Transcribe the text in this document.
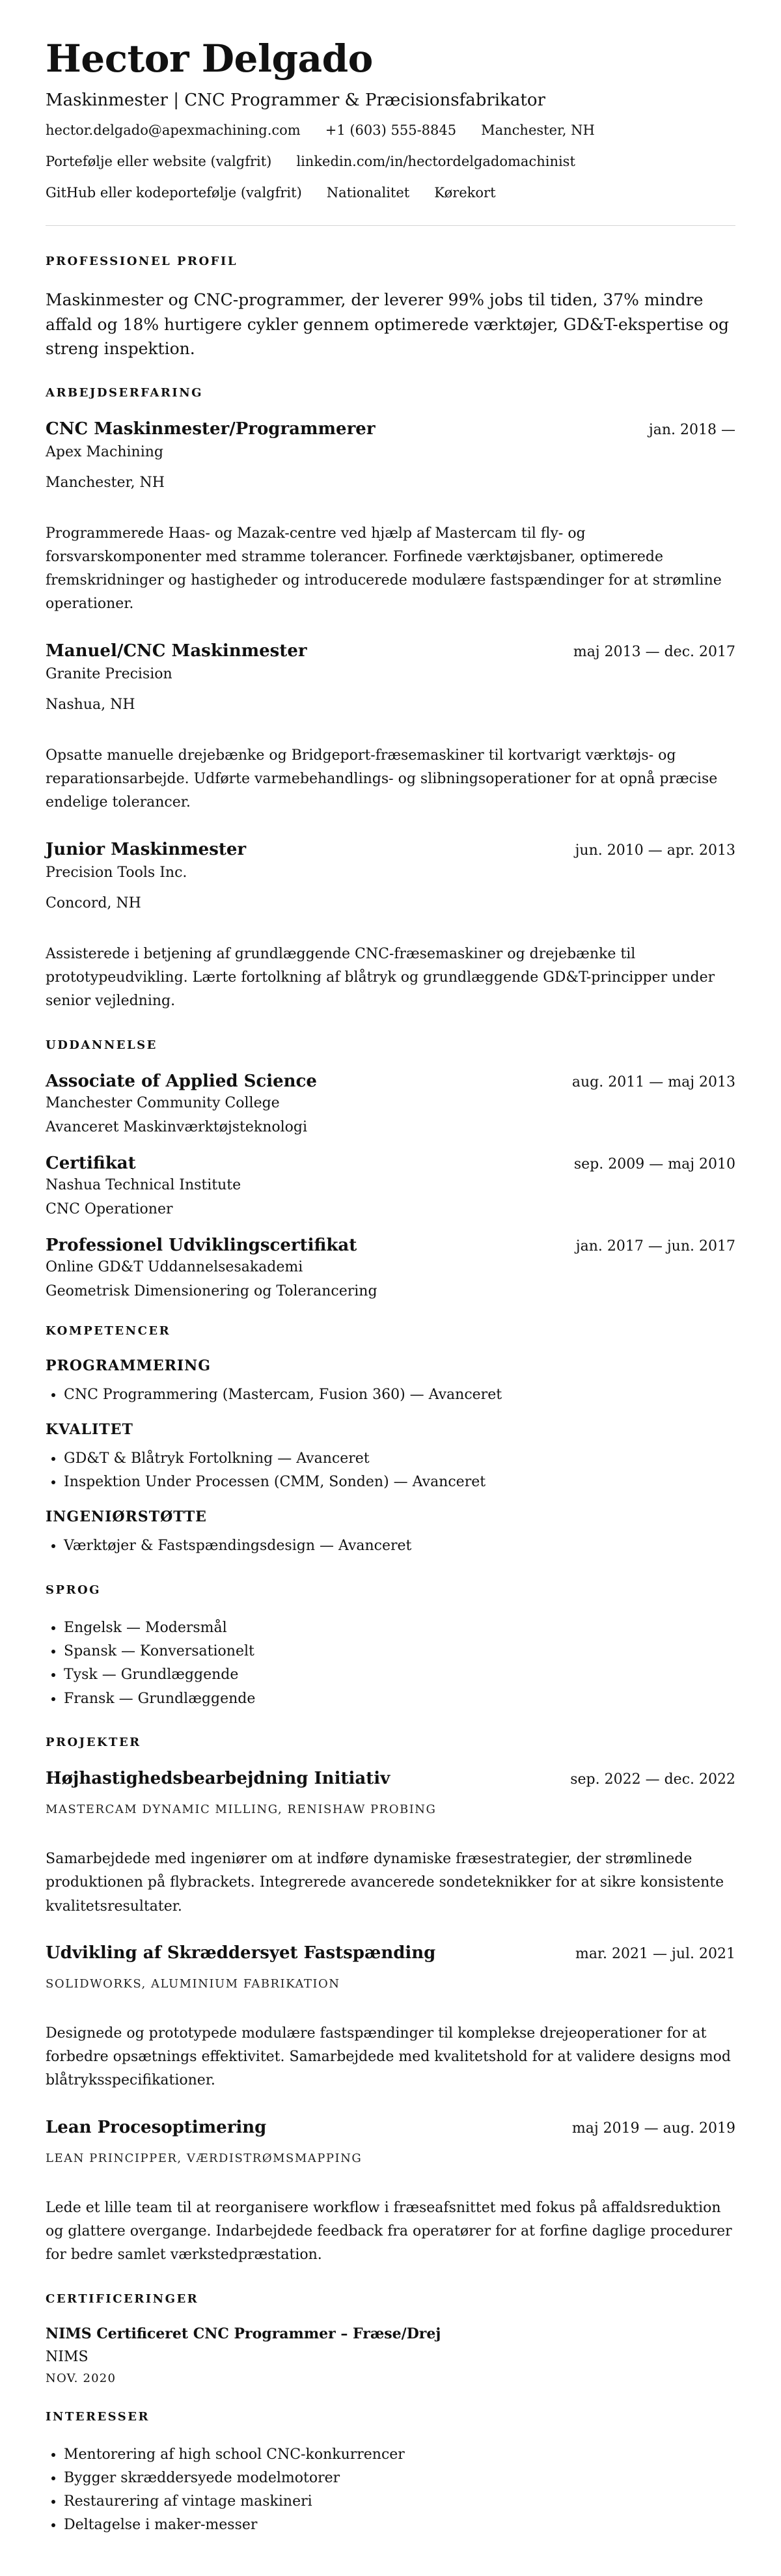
Hector Delgado

Maskinmester | CNC Programmer & Præcisionsfabrikator

hector.delgado@apexmachining.com +1 (603) 555-8845 Manchester, NH
Portefølje eller website (valgfrit) linkedin.com/in/hectordelgadomachinist
GitHub eller kodeportefølje (valgfrit) Nationalitet Kørekort
PROFESSIONEL PROFIL

Maskinmester og CNC-programmer, der leverer 99% jobs til tiden, 37% mindre affald og 18% hurtigere cykler gennem optimerede værktøjer, GD&T-ekspertise og streng inspektion.

ARBEJDSERFARING
CNC Maskinmester/Programmerer	jan. 2018 —

Apex Machining

Manchester, NH

Programmerede Haas- og Mazak-centre ved hjælp af Mastercam til fly- og forsvarskomponenter med stramme tolerancer. Forfinede værktøjsbaner, optimerede fremskridninger og hastigheder og introducerede modulære fastspændinger for at strømline operationer.

Manuel/CNC Maskinmester	maj 2013 — dec. 2017

Granite Precision

Nashua, NH

Opsatte manuelle drejebænke og Bridgeport-fræsemaskiner til kortvarigt værktøjs- og reparationsarbejde. Udførte varmebehandlings- og slibningsoperationer for at opnå præcise endelige tolerancer.

Junior Maskinmester	jun. 2010 — apr. 2013

Precision Tools Inc.

Concord, NH

Assisterede i betjening af grundlæggende CNC-fræsemaskiner og drejebænke til prototypeudvikling. Lærte fortolkning af blåtryk og grundlæggende GD&T-principper under senior vejledning.

UDDANNELSE
Associate of Applied Science	aug. 2011 — maj 2013

Manchester Community College

Avanceret Maskinværktøjsteknologi

Certifikat	sep. 2009 — maj 2010

Nashua Technical Institute

CNC Operationer

Professionel Udviklingscertifikat	jan. 2017 — jun. 2017

Online GD&T Uddannelsesakademi

Geometrisk Dimensionering og Tolerancering

KOMPETENCER
PROGRAMMERING
• CNC Programmering (Mastercam, Fusion 360) — Avanceret
KVALITET
• GD&T & Blåtryk Fortolkning — Avanceret
• Inspektion Under Processen (CMM, Sonden) — Avanceret
INGENIØRSTØTTE
• Værktøjer & Fastspændingsdesign — Avanceret
SPROG
• Engelsk — Modersmål
• Spansk — Konversationelt
• Tysk — Grundlæggende
• Fransk — Grundlæggende
PROJEKTER
Højhastighedsbearbejdning Initiativ	sep. 2022 — dec. 2022

MASTERCAM DYNAMIC MILLING, RENISHAW PROBING

Samarbejdede med ingeniører om at indføre dynamiske fræsestrategier, der strømlinede produktionen på flybrackets. Integrerede avancerede sondeteknikker for at sikre konsistente kvalitetsresultater.

Udvikling af Skræddersyet Fastspænding	mar. 2021 — jul. 2021

SOLIDWORKS, ALUMINIUM FABRIKATION

Designede og prototypede modulære fastspændinger til komplekse drejeoperationer for at forbedre opsætnings effektivitet. Samarbejdede med kvalitetshold for at validere designs mod blåtryksspecifikationer.

Lean Procesoptimering	maj 2019 — aug. 2019

LEAN PRINCIPPER, VÆRDISTRØMSMAPPING

Lede et lille team til at reorganisere workflow i fræseafsnittet med fokus på affaldsreduktion og glattere overgange. Indarbejdede feedback fra operatører for at forfine daglige procedurer for bedre samlet værkstedpræstation.

CERTIFICERINGER
NIMS Certificeret CNC Programmer – Fræse/Drej

NIMS

NOV. 2020

INTERESSER
• Mentorering af high school CNC-konkurrencer
• Bygger skræddersyede modelmotorer
• Restaurering af vintage maskineri
• Deltagelse i maker-messer
